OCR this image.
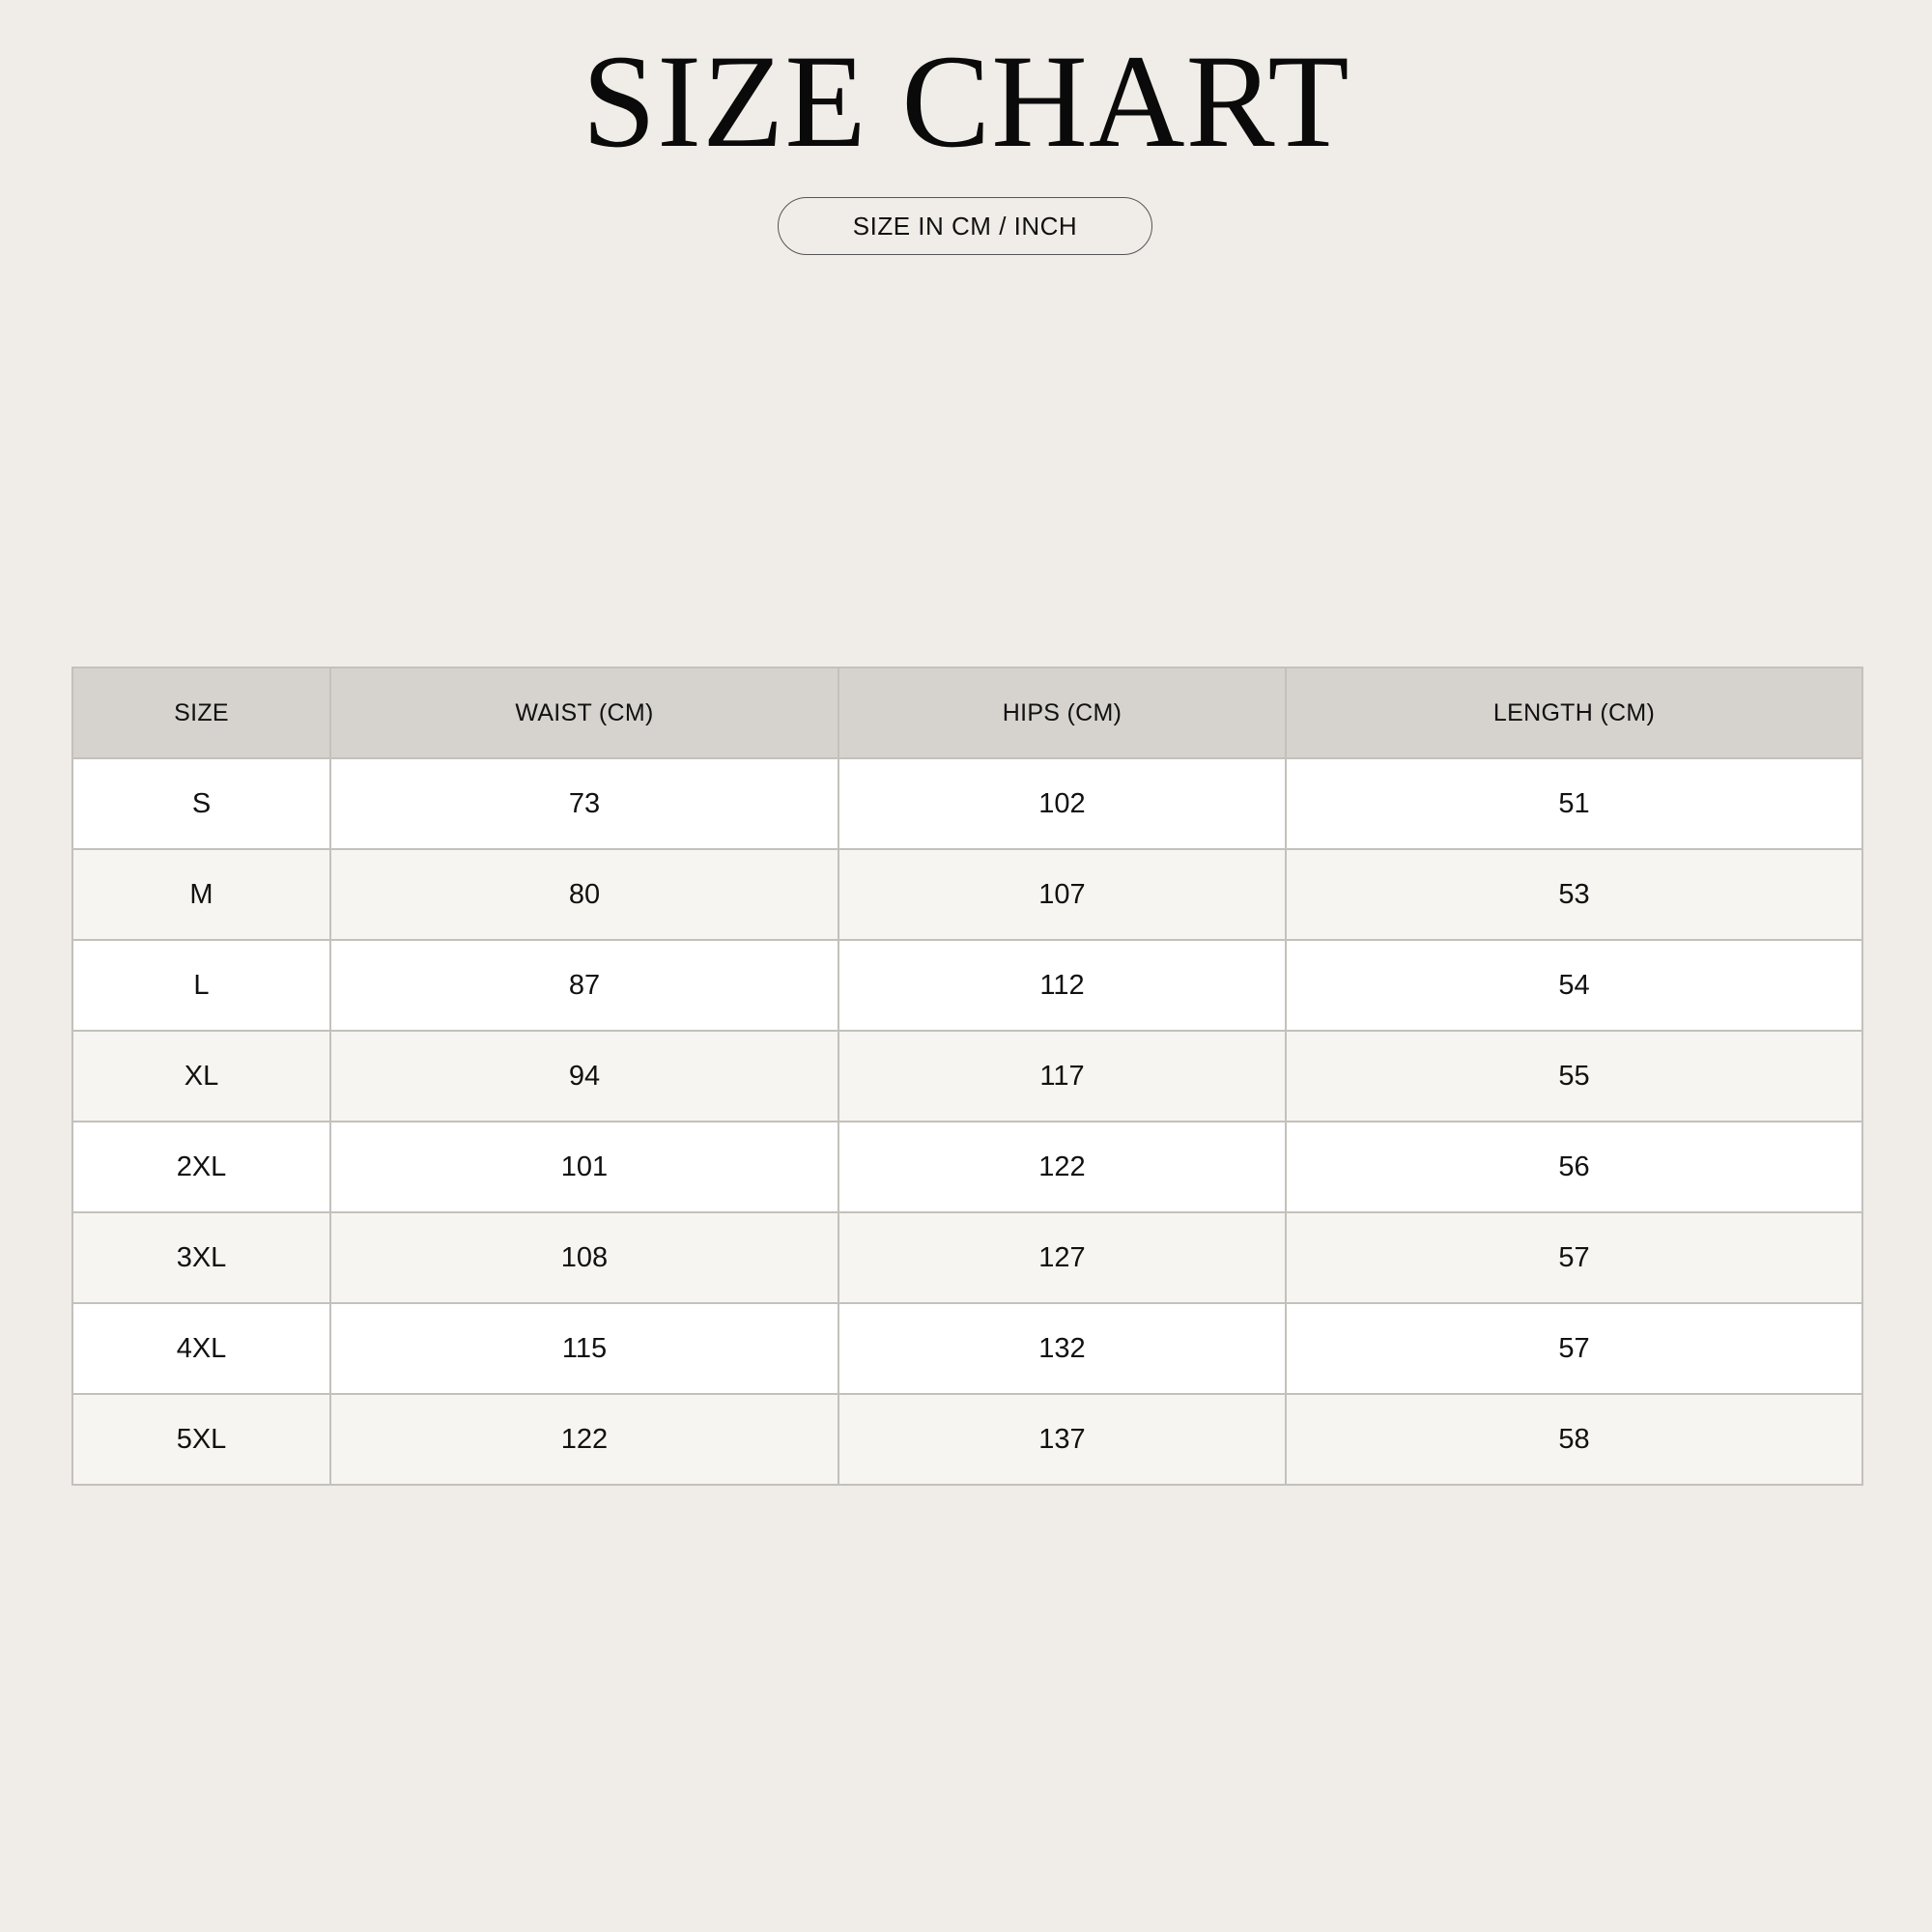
SIZE CHART
SIZE IN CM / INCH
SIZE	WAIST (CM)	HIPS (CM)	LENGTH (CM)
S	73	102	51
M	80	107	53
L	87	112	54
XL	94	117	55
2XL	101	122	56
3XL	108	127	57
4XL	115	132	57
5XL	122	137	58
